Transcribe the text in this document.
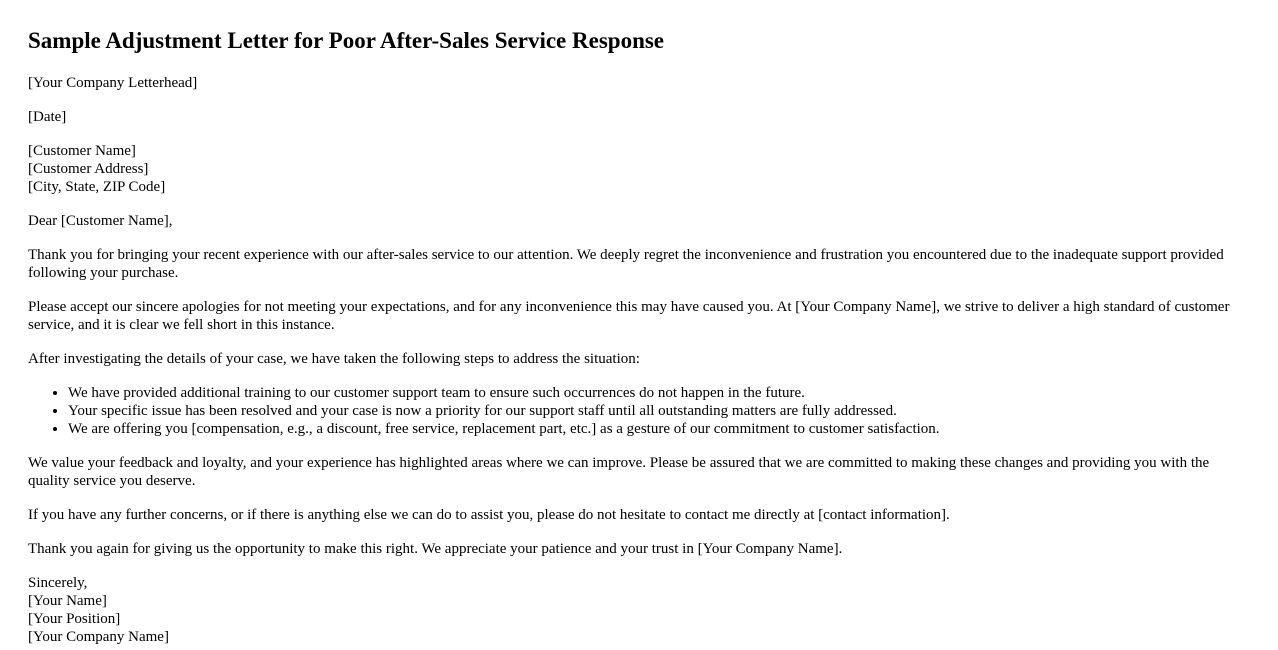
Sample Adjustment Letter for Poor After-Sales Service Response

[Your Company Letterhead]

[Date]

[Customer Name]
[Customer Address]
[City, State, ZIP Code]

Dear [Customer Name],

Thank you for bringing your recent experience with our after-sales service to our attention. We deeply regret the inconvenience and frustration you encountered due to the inadequate support provided following your purchase.

Please accept our sincere apologies for not meeting your expectations, and for any inconvenience this may have caused you. At [Your Company Name], we strive to deliver a high standard of customer service, and it is clear we fell short in this instance.

After investigating the details of your case, we have taken the following steps to address the situation:

• We have provided additional training to our customer support team to ensure such occurrences do not happen in the future.
• Your specific issue has been resolved and your case is now a priority for our support staff until all outstanding matters are fully addressed.
• We are offering you [compensation, e.g., a discount, free service, replacement part, etc.] as a gesture of our commitment to customer satisfaction.

We value your feedback and loyalty, and your experience has highlighted areas where we can improve. Please be assured that we are committed to making these changes and providing you with the quality service you deserve.

If you have any further concerns, or if there is anything else we can do to assist you, please do not hesitate to contact me directly at [contact information].

Thank you again for giving us the opportunity to make this right. We appreciate your patience and your trust in [Your Company Name].

Sincerely,
[Your Name]
[Your Position]
[Your Company Name]
